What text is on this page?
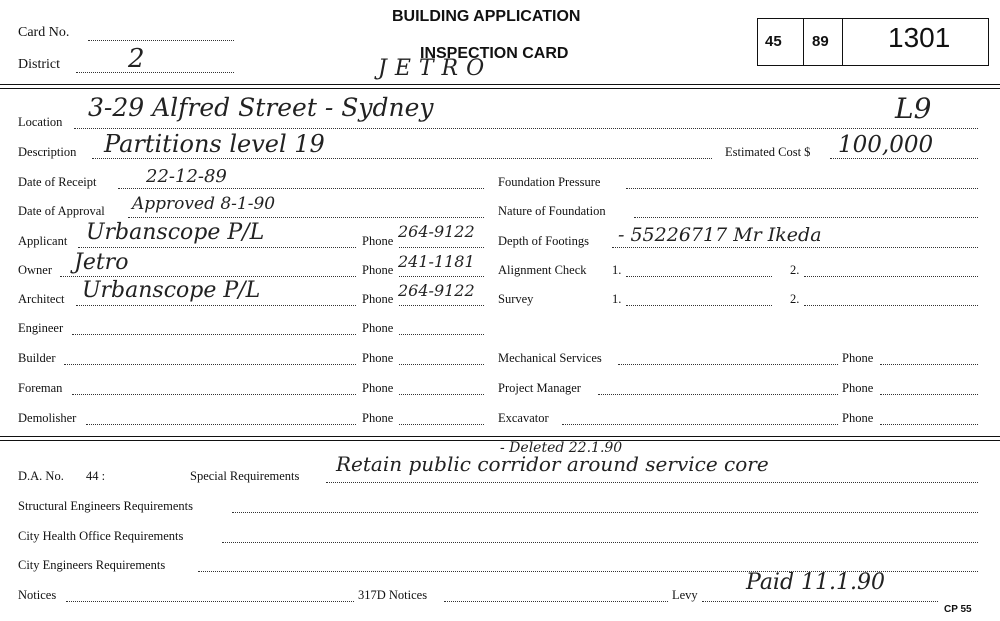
Card No.
District	2
BUILDING APPLICATION
INSPECTION CARD
JETRO
45 89 1301
Location 3-29 Alfred Street - Sydney	L9
Description Partitions level 19	Estimated Cost $ 100,000
Date of Receipt	22-12-89
Date of Approval Approved 8-1-90
Applicant Urbanscope P/L	Phone 264-9122
Owner Jetro	Phone 241-1181
Architect Urbanscope P/L	Phone 264-9122
Engineer	Phone
Builder	Phone
Foreman	Phone
Demolisher	Phone
Foundation Pressure
Nature of Foundation
Depth of Footings - 55226717 Mr Ikeda
Alignment Check 1.	2.
Survey	1.	2.
Mechanical Services	Phone
Project Manager	Phone
Excavator	Phone
D.A. No. 44 :	Special Requirements Retain public corridor around service core
- Deleted 22.1.90
Structural Engineers Requirements
City Health Office Requirements
City Engineers Requirements
Notices	317D Notices	Levy Paid 11.1.90
CP 55
